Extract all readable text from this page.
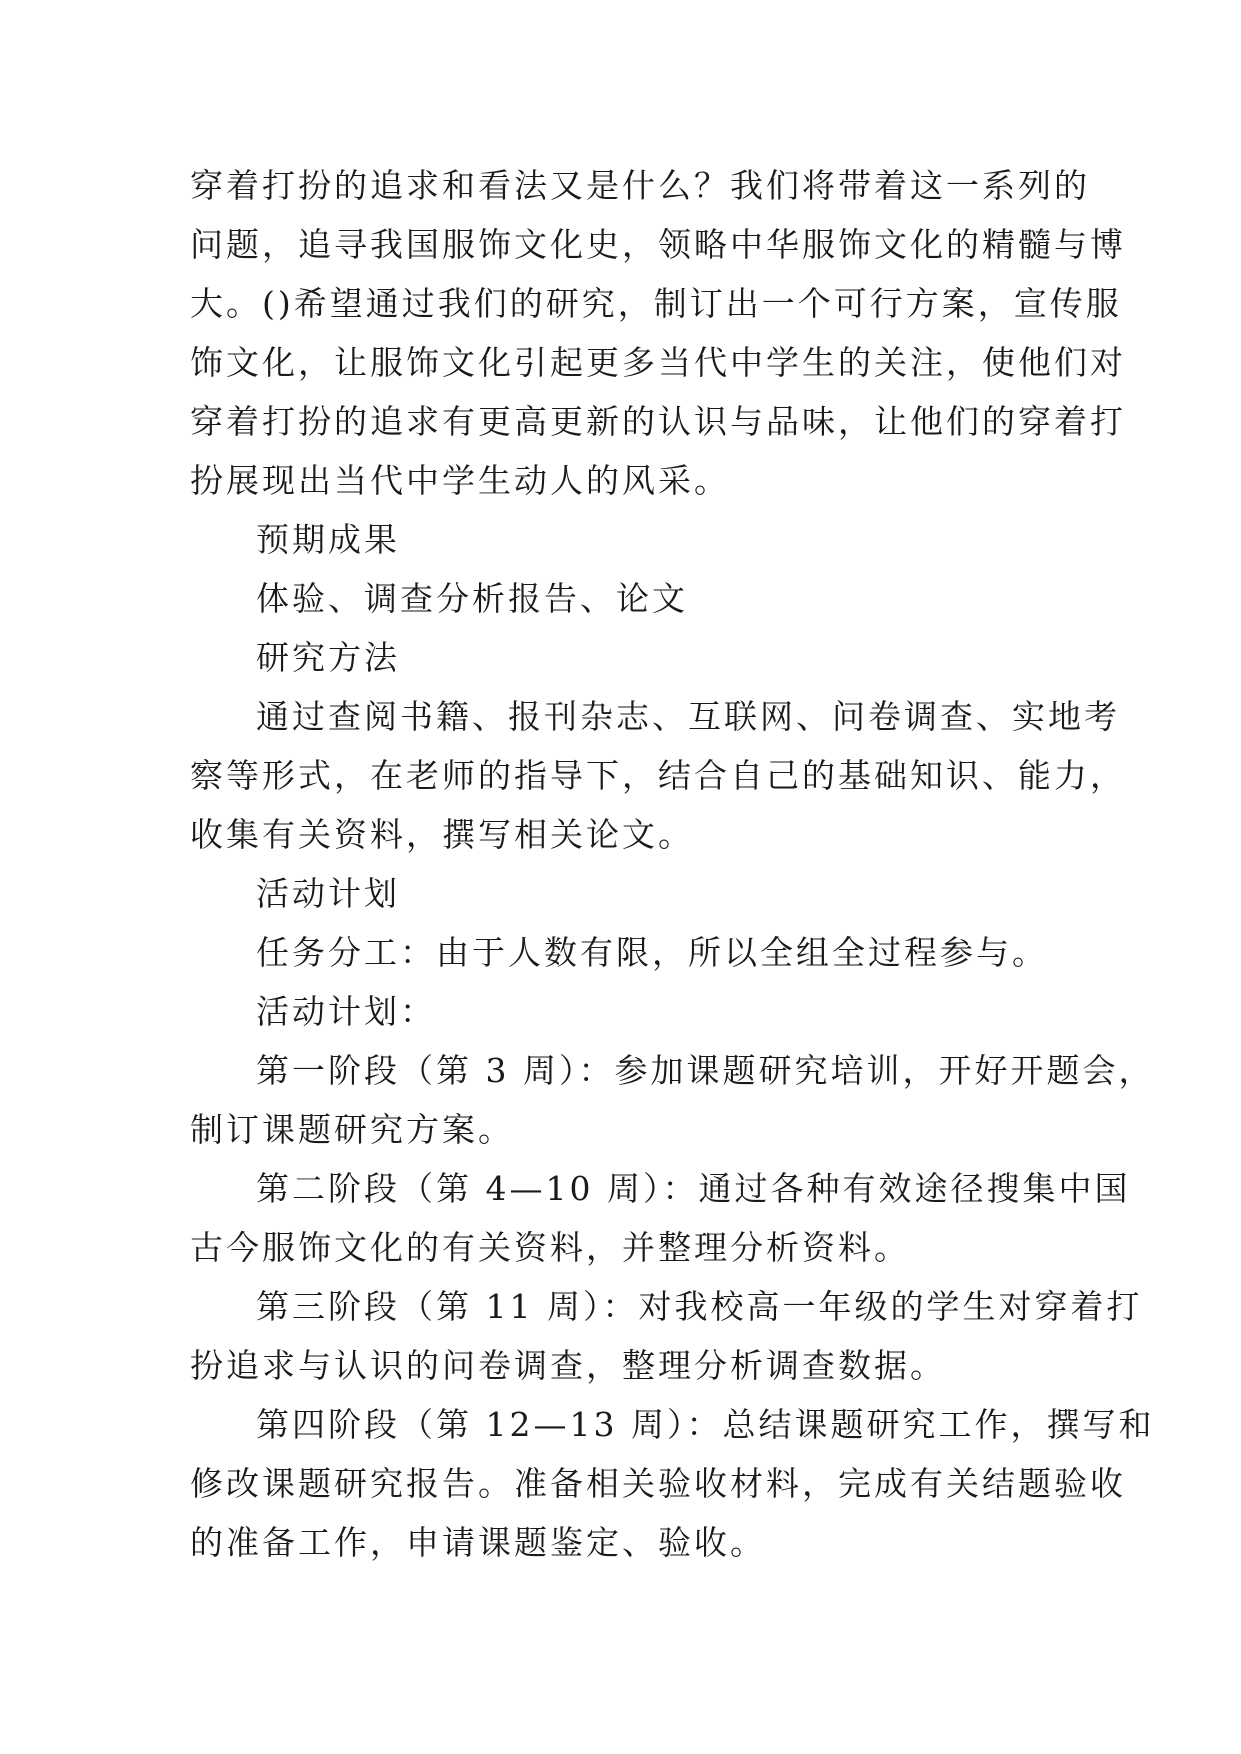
穿着打扮的追求和看法又是什么？我们将带着这一系列的
问题，追寻我国服饰文化史，领略中华服饰文化的精髓与博
大。()希望通过我们的研究，制订出一个可行方案，宣传服
饰文化，让服饰文化引起更多当代中学生的关注，使他们对
穿着打扮的追求有更高更新的认识与品味，让他们的穿着打
扮展现出当代中学生动人的风采。
预期成果
体验、调查分析报告、论文
研究方法
通过查阅书籍、报刊杂志、互联网、问卷调查、实地考
察等形式，在老师的指导下，结合自己的基础知识、能力，
收集有关资料，撰写相关论文。
活动计划
任务分工：由于人数有限，所以全组全过程参与。
活动计划：
第一阶段（第 3 周）：参加课题研究培训，开好开题会，
制订课题研究方案。
第二阶段（第 4—10 周）：通过各种有效途径搜集中国
古今服饰文化的有关资料，并整理分析资料。
第三阶段（第 11 周）：对我校高一年级的学生对穿着打
扮追求与认识的问卷调查，整理分析调查数据。
第四阶段（第 12—13 周）：总结课题研究工作，撰写和
修改课题研究报告。准备相关验收材料，完成有关结题验收
的准备工作，申请课题鉴定、验收。
